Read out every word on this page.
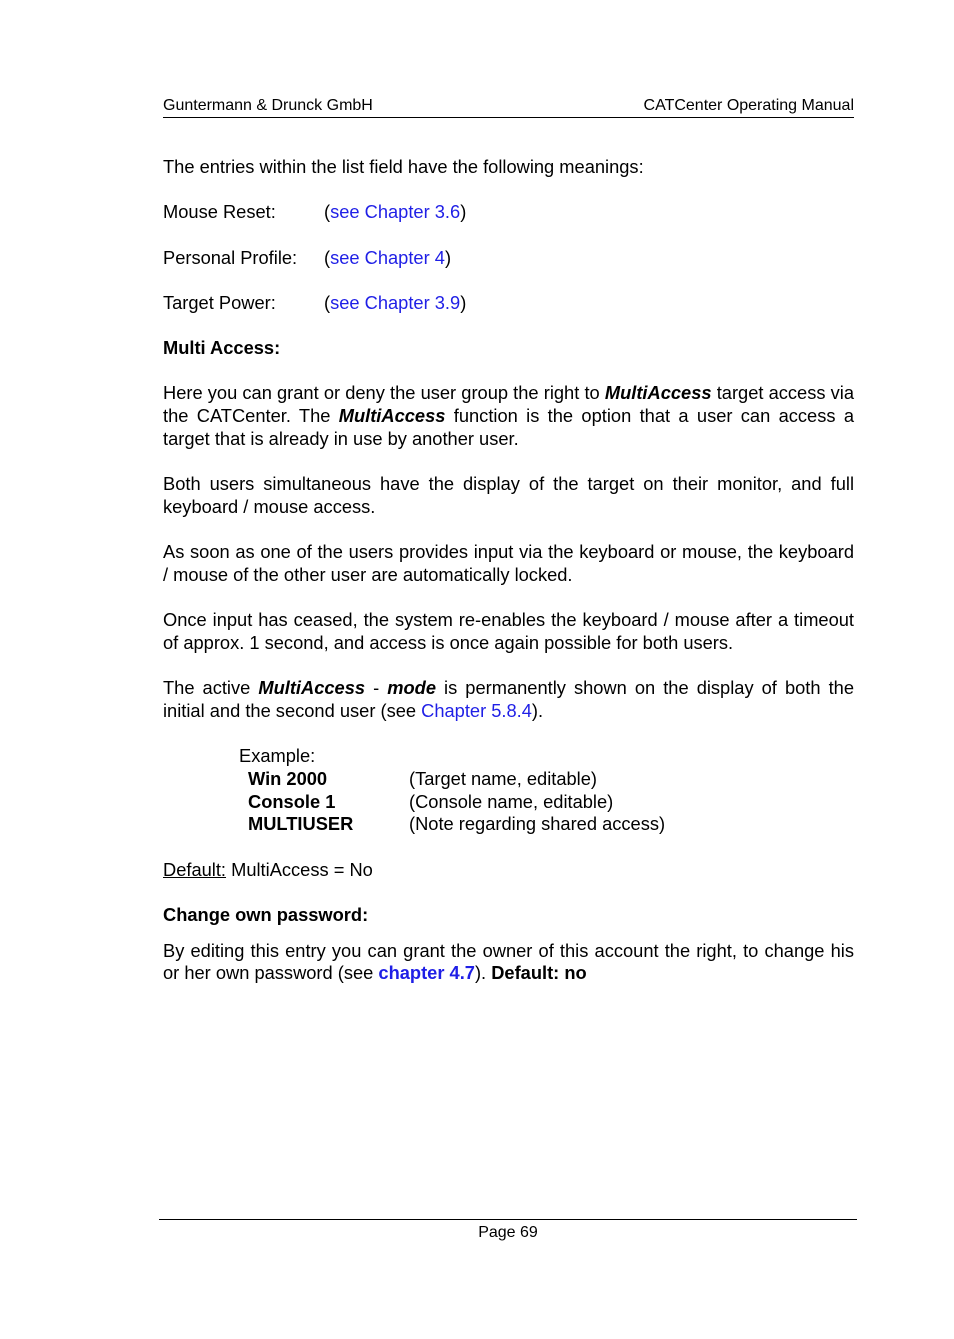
Guntermann & Drunck GmbH	CATCenter Operating Manual

The entries within the list field have the following meanings:

Mouse Reset:	(see Chapter 3.6)
Personal Profile:	(see Chapter 4)
Target Power:	(see Chapter 3.9)

Multi Access:

Here you can grant or deny the user group the right to MultiAccess target access via the CATCenter. The MultiAccess function is the option that a user can access a target that is already in use by another user.

Both users simultaneous have the display of the target on their monitor, and full keyboard / mouse access.

As soon as one of the users provides input via the keyboard or mouse, the keyboard / mouse of the other user are automatically locked.

Once input has ceased, the system re-enables the keyboard / mouse after a timeout of approx. 1 second, and access is once again possible for both users.

The active MultiAccess - mode is permanently shown on the display of both the initial and the second user (see Chapter 5.8.4).

Example:
Win 2000	(Target name, editable)
Console 1	(Console name, editable)
MULTIUSER	(Note regarding shared access)

Default: MultiAccess = No

Change own password:

By editing this entry you can grant the owner of this account the right, to change his or her own password (see chapter 4.7). Default: no

Page 69
